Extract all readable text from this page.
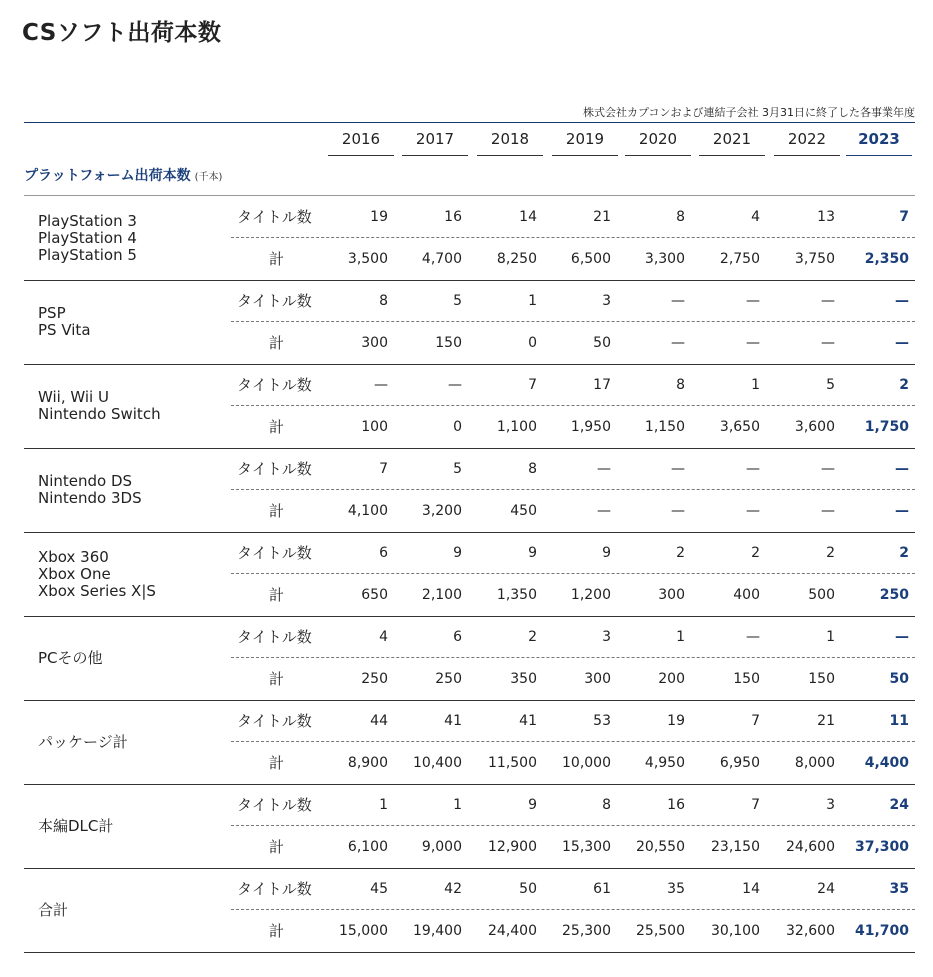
CSソフト出荷本数
株式会社カプコンおよび連結子会社 3月31日に終了した各事業年度
2016	2017	2018	2019	2020	2021	2022	2023
プラットフォーム出荷本数 (千本)
PlayStation 3
PlayStation 4
PlayStation 5
タイトル数	19	16	14	21	8	4	13	7
計	3,500	4,700	8,250	6,500	3,300	2,750	3,750	2,350
PSP
PS Vita
タイトル数	8	5	1	3	—	—	—	—
計	300	150	0	50	—	—	—	—
Wii, Wii U
Nintendo Switch
タイトル数	—	—	7	17	8	1	5	2
計	100	0	1,100	1,950	1,150	3,650	3,600	1,750
Nintendo DS
Nintendo 3DS
タイトル数	7	5	8	—	—	—	—	—
計	4,100	3,200	450	—	—	—	—	—
Xbox 360
Xbox One
Xbox Series X|S
タイトル数	6	9	9	9	2	2	2	2
計	650	2,100	1,350	1,200	300	400	500	250
PCその他
タイトル数	4	6	2	3	1	—	1	—
計	250	250	350	300	200	150	150	50
パッケージ計
タイトル数	44	41	41	53	19	7	21	11
計	8,900	10,400	11,500	10,000	4,950	6,950	8,000	4,400
本編DLC計
タイトル数	1	1	9	8	16	7	3	24
計	6,100	9,000	12,900	15,300	20,550	23,150	24,600	37,300
合計
タイトル数	45	42	50	61	35	14	24	35
計	15,000	19,400	24,400	25,300	25,500	30,100	32,600	41,700
